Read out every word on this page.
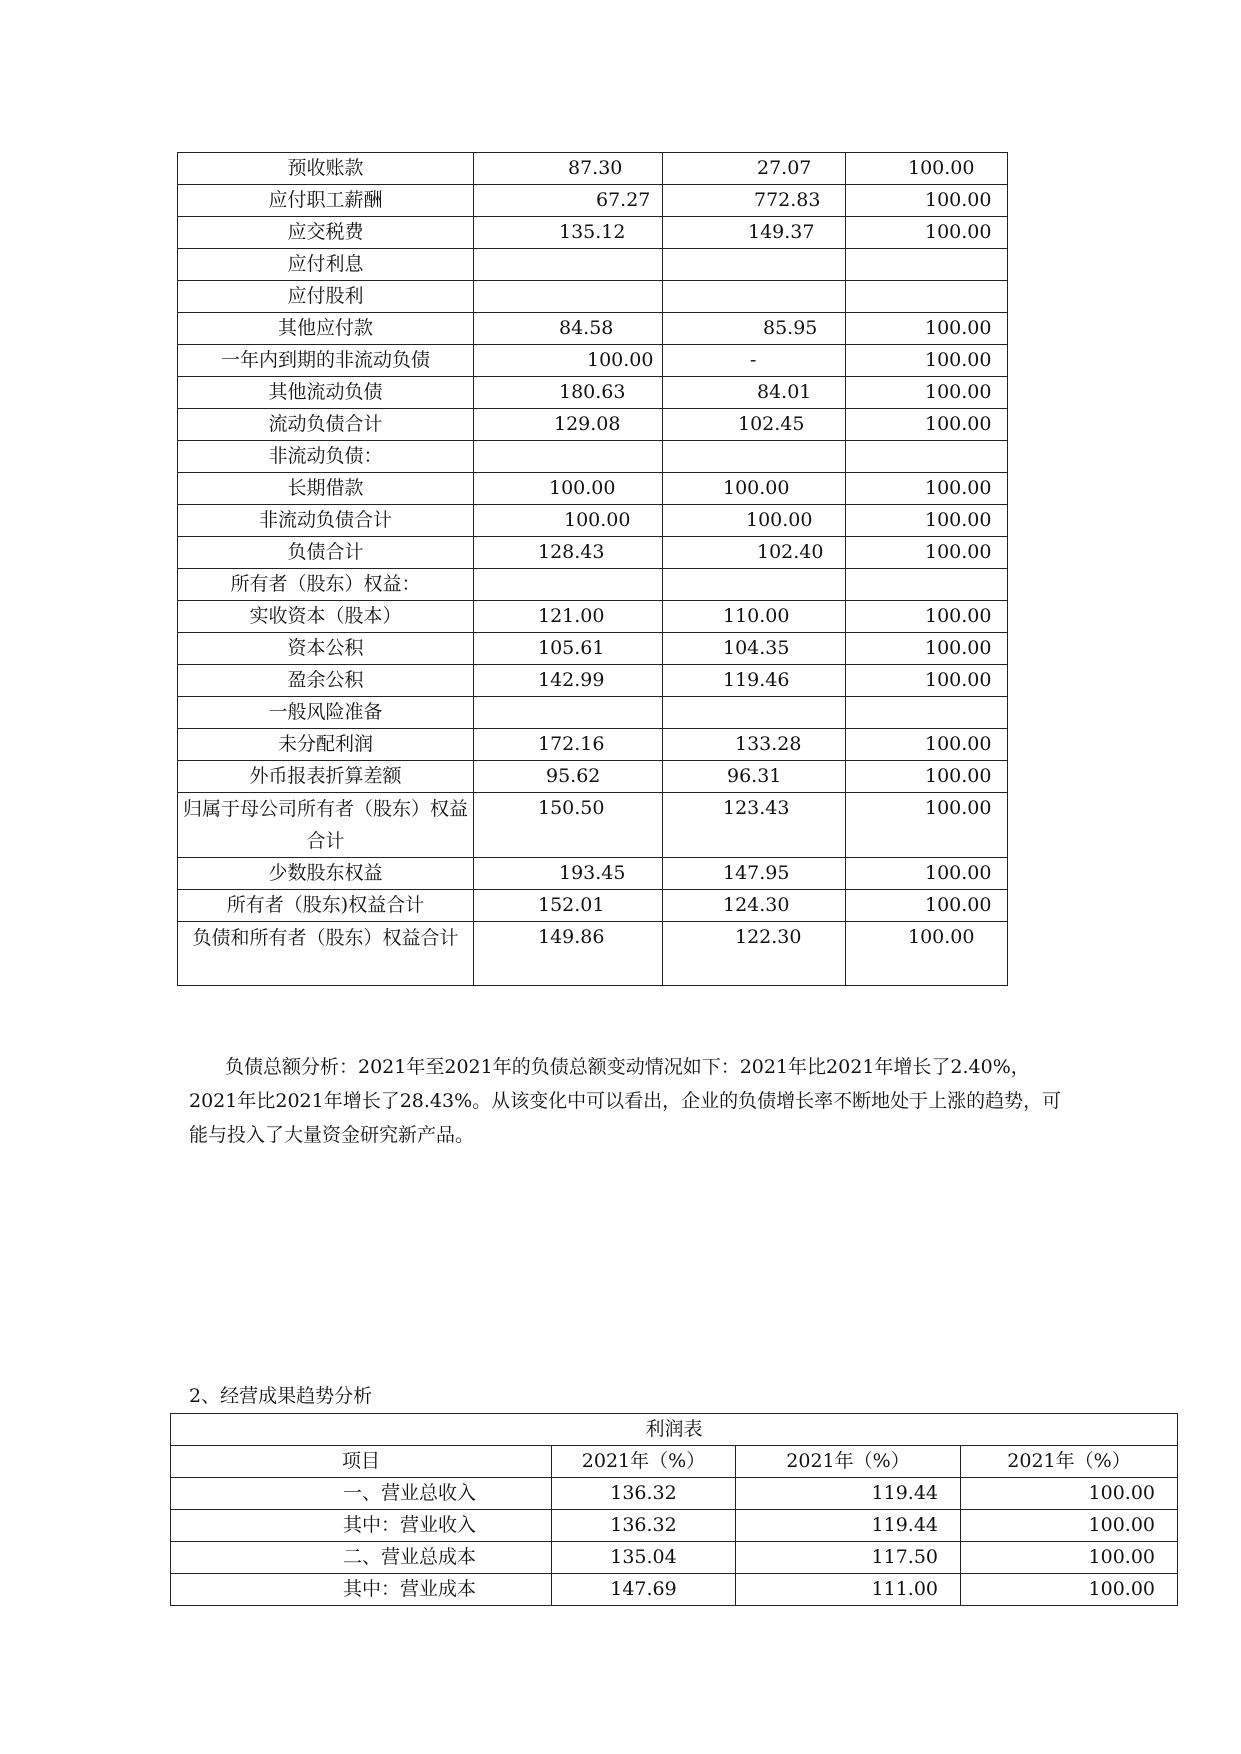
预收账款	87.30	27.07	100.00
应付职工薪酬	67.27	772.83	100.00
应交税费	135.12	149.37	100.00
应付利息			
应付股利			
其他应付款	84.58	85.95	100.00
一年内到期的非流动负债	100.00	-	100.00
其他流动负债	180.63	84.01	100.00
流动负债合计	129.08	102.45	100.00
非流动负债：			
长期借款	100.00	100.00	100.00
非流动负债合计	100.00	100.00	100.00
负债合计	128.43	102.40	100.00
所有者（股东）权益：			
实收资本（股本）	121.00	110.00	100.00
资本公积	105.61	104.35	100.00
盈余公积	142.99	119.46	100.00
一般风险准备			
未分配利润	172.16	133.28	100.00
外币报表折算差额	95.62	96.31	100.00
归属于母公司所有者（股东）权益合计	150.50	123.43	100.00
少数股东权益	193.45	147.95	100.00
所有者（股东)权益合计	152.01	124.30	100.00
负债和所有者（股东）权益合计	149.86	122.30	100.00

负债总额分析：2021年至2021年的负债总额变动情况如下：2021年比2021年增长了2.40%，2021年比2021年增长了28.43%。从该变化中可以看出，企业的负债增长率不断地处于上涨的趋势，可能与投入了大量资金研究新产品。

2、经营成果趋势分析

利润表			
项目	2021年（%）	2021年（%）	2021年（%）
一、营业总收入	136.32	119.44	100.00
其中：营业收入	136.32	119.44	100.00
二、营业总成本	135.04	117.50	100.00
其中：营业成本	147.69	111.00	100.00
